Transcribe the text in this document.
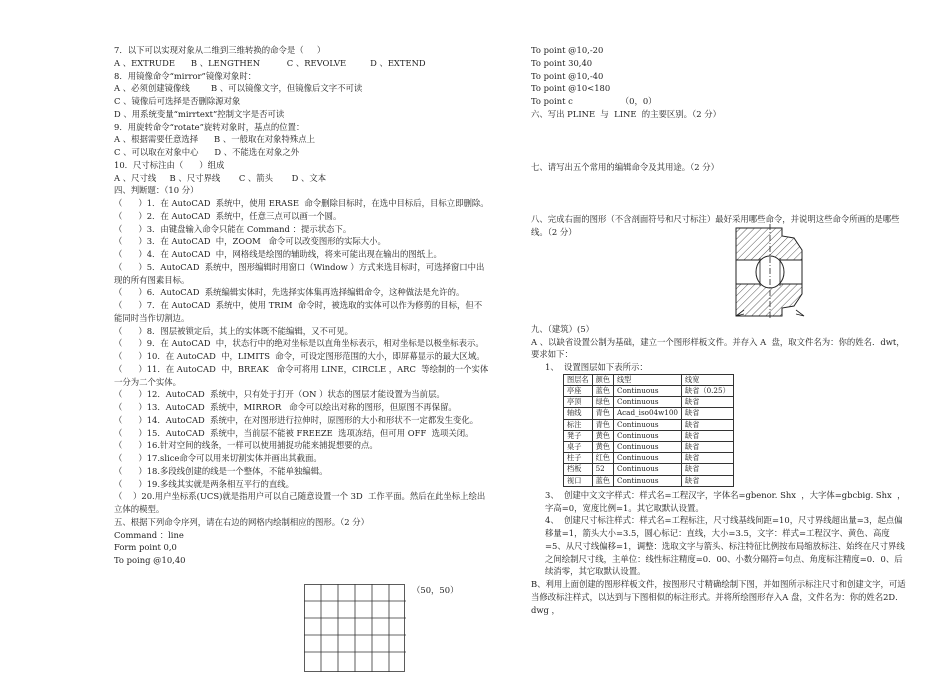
7．以下可以实现对象从二维到三维转换的命令是（     ）
A 、EXTRUDE      B 、LENGTHEN          C 、REVOLVE         D 、EXTEND
8．用镜像命令“mirror”镜像对象时：
A 、必须创建镜像线        B 、可以镜像文字，但镜像后文字不可读
C 、镜像后可选择是否删除源对象
D 、用系统变量“mirrtext”控制文字是否可读
9．用旋转命令“rotate”旋转对象时，基点的位置：
A 、根据需要任意选择      B 、一般取在对象特殊点上
C 、可以取在对象中心      D 、不能选在对象之外
10．尺寸标注由（      ）组成
A 、尺寸线     B 、尺寸界线       C 、箭头       D 、文本
四、判断题：（10 分）
（      ）1．在 AutoCAD  系统中，使用 ERASE  命令删除目标时，在选中目标后，目标立即删除。
（      ）2．在 AutoCAD  系统中，任意三点可以画一个圆。
（      ）3．由键盘输入命令只能在 Command ：提示状态下。
（      ）3．在 AutoCAD  中，ZOOM   命令可以改变图形的实际大小。
（      ）4．在 AutoCAD  中，网格线是绘图的辅助线，将来可能出现在输出的图纸上。
（      ）5．AutoCAD  系统中，图形编辑时用窗口（Window ）方式来选目标时，可选择窗口中出现的所有图素目标。
（      ）6．AutoCAD  系统编辑实体时，先选择实体集再选择编辑命令，这种做法是允许的。
（      ）7．在 AutoCAD  系统中，使用 TRIM  命令时，被选取的实体可以作为修剪的目标，但不能同时当作切割边。
（      ）8．图层被锁定后，其上的实体既不能编辑，又不可见。
（      ）9．在 AutoCAD  中，状态行中的绝对坐标是以直角坐标表示，相对坐标是以极坐标表示。
（      ）10．在 AutoCAD  中，LIMITS  命令，可设定图形范围的大小，即屏幕显示的最大区域。
（      ）11．在 AutoCAD  中，BREAK   命令可将用 LINE，CIRCLE ，ARC  等绘制的一个实体一分为二个实体。
（      ）12．AutoCAD  系统中，只有处于打开（ON ）状态的图层才能设置为当前层。
（      ）13．AutoCAD  系统中，MIRROR   命令可以绘出对称的图形，但原图不再保留。
（      ）14．AutoCAD  系统中，在对图形进行拉伸时，原图形的大小和形状不一定都发生变化。
（      ）15．AutoCAD  系统中，当前层不能被 FREEZE  选项冻结，但可用 OFF  选项关闭。
（      ）16.针对空间的线条，一样可以使用捕捉功能来捕捉想要的点。
（      ）17.slice命令可以用来切割实体并画出其截面。
（      ）18.多段线创建的线是一个整体，不能单独编辑。
（      ）19.多线其实就是两条相互平行的直线。
（    ）20.用户坐标系(UCS)就是指用户可以自己随意设置一个 3D  工作平面。然后在此坐标上绘出立体的模型。
五、根据下列命令序列，请在右边的网格内绘制相应的图形。（2 分）
Command ：line
Form point 0,0
To poing @10,40
（50，50）
To point @10,-20
To point 30,40
To point @10,-40
To point @10<180
To point c                  （0，0）
六、写出 PLINE  与  LINE  的主要区别。（2 分）
七、请写出五个常用的编辑命令及其用途。（2 分）
八、完成右面的图形（不含剖面符号和尺寸标注）最好采用哪些命令，并说明这些命令所画的是哪些线。（2 分）
九、（建筑）(5）
A 、以缺省设置公制为基础，建立一个图形样板文件。并存入 A  盘，取文件名为：你的姓名．dwt，要求如下：
1、  设置图层如下表所示：
图层名	颜色	线型	线宽
亭座	蓝色	Continuous	缺省（0.25）
亭顶	绿色	Continuous	缺省
轴线	青色	Acad_iso04w100	缺省
标注	青色	Continuous	缺省
凳子	黄色	Continuous	缺省
桌子	黄色	Continuous	缺省
柱子	红色	Continuous	缺省
档板	52	Continuous	缺省
视口	蓝色	Continuous	缺省
3、  创建中文文字样式：样式名=工程汉字，字体名=gbenor. Shx  ，大字体=gbcbig. Shx  ，字高=0，宽度比例=1。其它取默认设置。
4、  创建尺寸标注样式：样式名=工程标注，尺寸线基线间距=10，尺寸界线超出量=3，起点偏移量=1，箭头大小=3.5，圆心标记：直线，大小=3.5，文字：样式=工程汉字、黄色、高度=5、从尺寸线偏移=1，调整：选取文字与箭头、标注特征比例按布局缩放标注、始终在尺寸界线之间绘制尺寸线，主单位：线性标注精度=0．00、小数分隔符=句点、角度标注精度=0．0、后续消零，其它取默认设置。
B、利用上面创建的图形样板文件，按图形尺寸精确绘制下图，并如图所示标注尺寸和创建文字，可适当修改标注样式，以达到与下图相似的标注形式。并将所绘图形存入A 盘，文件名为：你的姓名2D．dwg ，
